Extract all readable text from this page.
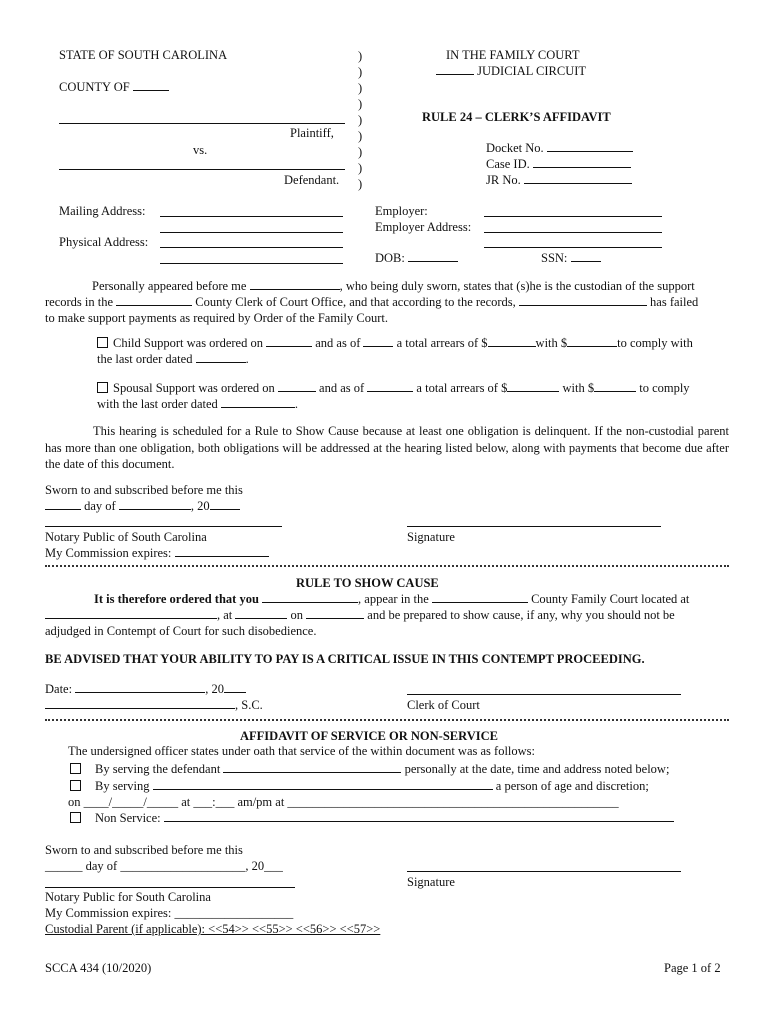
STATE OF SOUTH CAROLINA
COUNTY OF
Plaintiff,
vs.
Defendant.
)
)
)
)
)
)
)
)
)
IN THE FAMILY COURT
JUDICIAL CIRCUIT
RULE 24 – CLERK’S AFFIDAVIT
Docket No.
Case ID.
JR No.
Mailing Address:
Physical Address:
Employer:
Employer Address:
DOB:	SSN:
Personally appeared before me	, who being duly sworn, states that (s)he is the custodian of the support
records in the	County Clerk of Court Office, and that according to the records,	has failed
to make support payments as required by Order of the Family Court.
Child Support was ordered on	and as of	a total arrears of $	with $	to comply with
the last order dated	.
Spousal Support was ordered on	and as of	a total arrears of $	with $	to comply
with the last order dated	.
This hearing is scheduled for a Rule to Show Cause because at least one obligation is delinquent. If the non-custodial parent has more than one obligation, both obligations will be addressed at the hearing listed below, along with payments that become due after the date of this document.
Sworn to and subscribed before me this
day of	, 20
Notary Public of South Carolina	Signature
My Commission expires:
RULE TO SHOW CAUSE
It is therefore ordered that you	, appear in the	County Family Court located at
, at	on	and be prepared to show cause, if any, why you should not be
adjudged in Contempt of Court for such disobedience.
BE ADVISED THAT YOUR ABILITY TO PAY IS A CRITICAL ISSUE IN THIS CONTEMPT PROCEEDING.
Date:	, 20
, S.C.	Clerk of Court
AFFIDAVIT OF SERVICE OR NON-SERVICE
The undersigned officer states under oath that service of the within document was as follows:
By serving the defendant	personally at the date, time and address noted below;
By serving	a person of age and discretion;
on ____/_____/_____ at ___:___ am/pm at _____________________________________________________
Non Service:
Sworn to and subscribed before me this
______ day of ____________________, 20___
Signature
Notary Public for South Carolina
My Commission expires: ___________________
Custodial Parent (if applicable): <<54>> <<55>> <<56>> <<57>>
SCCA 434 (10/2020)	Page 1 of 2
